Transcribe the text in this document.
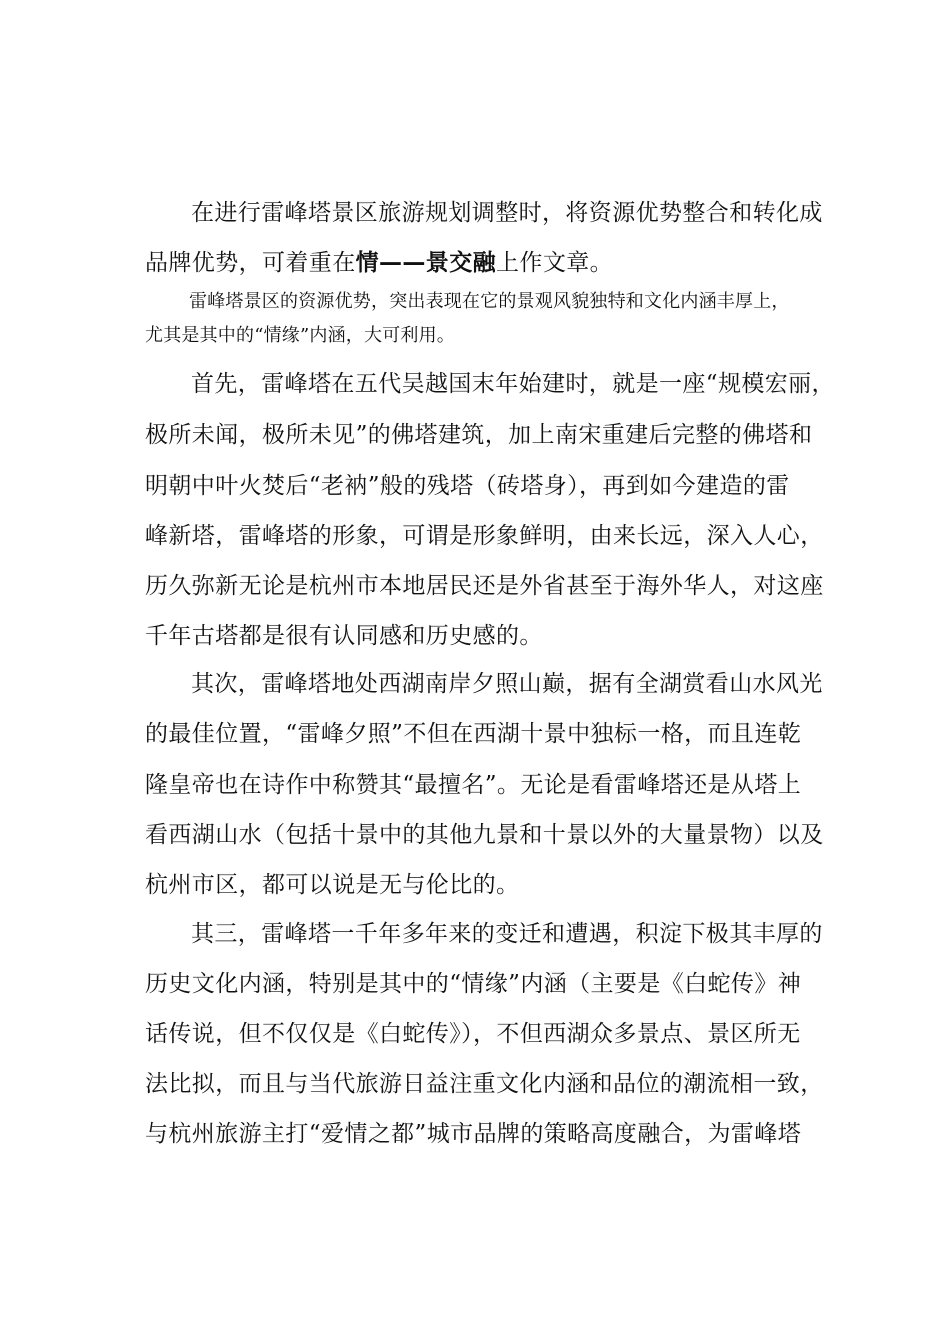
在进行雷峰塔景区旅游规划调整时，将资源优势整合和转化成
品牌优势，可着重在情——景交融上作文章。
雷峰塔景区的资源优势，突出表现在它的景观风貌独特和文化内涵丰厚上，
尤其是其中的“情缘”内涵，大可利用。
首先，雷峰塔在五代吴越国末年始建时，就是一座“规模宏丽，
极所未闻，极所未见”的佛塔建筑，加上南宋重建后完整的佛塔和
明朝中叶火焚后“老衲”般的残塔（砖塔身），再到如今建造的雷
峰新塔，雷峰塔的形象，可谓是形象鲜明，由来长远，深入人心，
历久弥新无论是杭州市本地居民还是外省甚至于海外华人，对这座
千年古塔都是很有认同感和历史感的。
其次，雷峰塔地处西湖南岸夕照山巅，据有全湖赏看山水风光
的最佳位置，“雷峰夕照”不但在西湖十景中独标一格，而且连乾
隆皇帝也在诗作中称赞其“最擅名”。无论是看雷峰塔还是从塔上
看西湖山水（包括十景中的其他九景和十景以外的大量景物）以及
杭州市区，都可以说是无与伦比的。
其三，雷峰塔一千年多年来的变迁和遭遇，积淀下极其丰厚的
历史文化内涵，特别是其中的“情缘”内涵（主要是《白蛇传》神
话传说，但不仅仅是《白蛇传》），不但西湖众多景点、景区所无
法比拟，而且与当代旅游日益注重文化内涵和品位的潮流相一致，
与杭州旅游主打“爱情之都”城市品牌的策略高度融合，为雷峰塔
